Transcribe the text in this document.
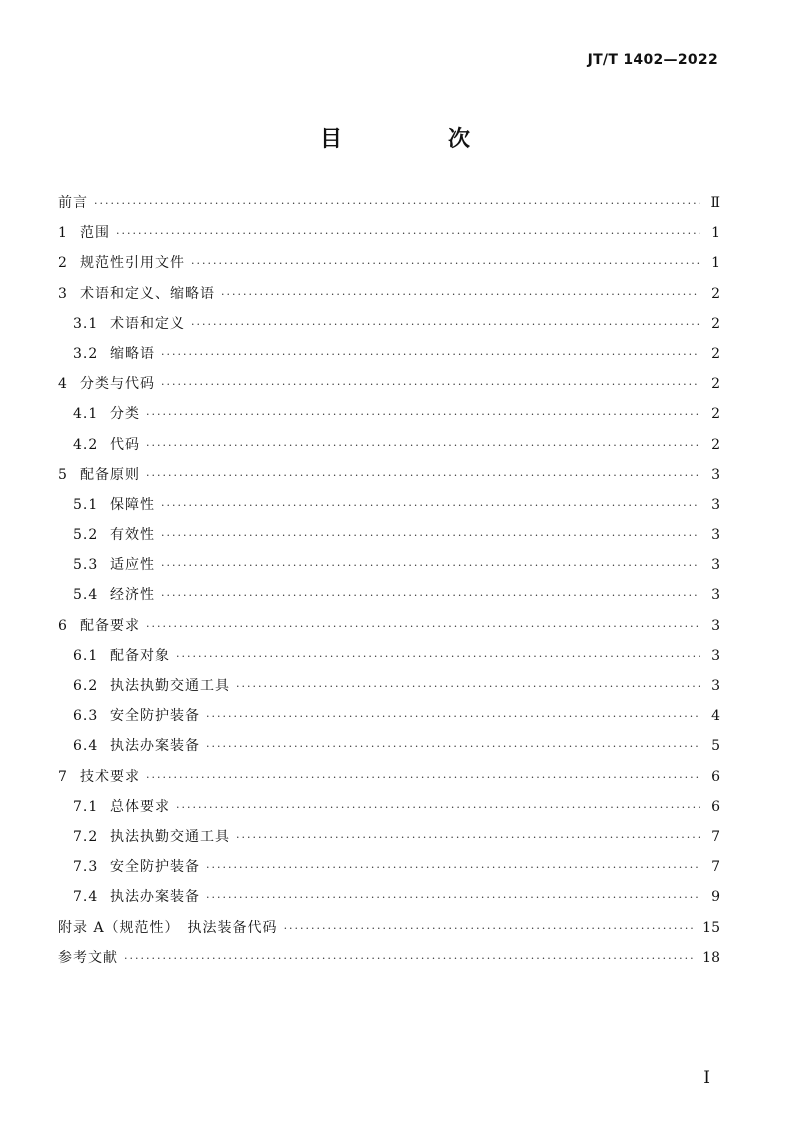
JT/T 1402—2022
目　次
前言 ·····	Ⅱ
1 范围 ·····	1
2 规范性引用文件 ·····	1
3 术语和定义、缩略语 ·····	2
3.1 术语和定义 ·····	2
3.2 缩略语 ·····	2
4 分类与代码 ·····	2
4.1 分类 ·····	2
4.2 代码 ·····	2
5 配备原则 ·····	3
5.1 保障性 ·····	3
5.2 有效性 ·····	3
5.3 适应性 ·····	3
5.4 经济性 ·····	3
6 配备要求 ·····	3
6.1 配备对象 ·····	3
6.2 执法执勤交通工具 ·····	3
6.3 安全防护装备 ·····	4
6.4 执法办案装备 ·····	5
7 技术要求 ·····	6
7.1 总体要求 ·····	6
7.2 执法执勤交通工具 ·····	7
7.3 安全防护装备 ·····	7
7.4 执法办案装备 ·····	9
附录 A（规范性）　执法装备代码 ·····	15
参考文献 ·····	18
I
